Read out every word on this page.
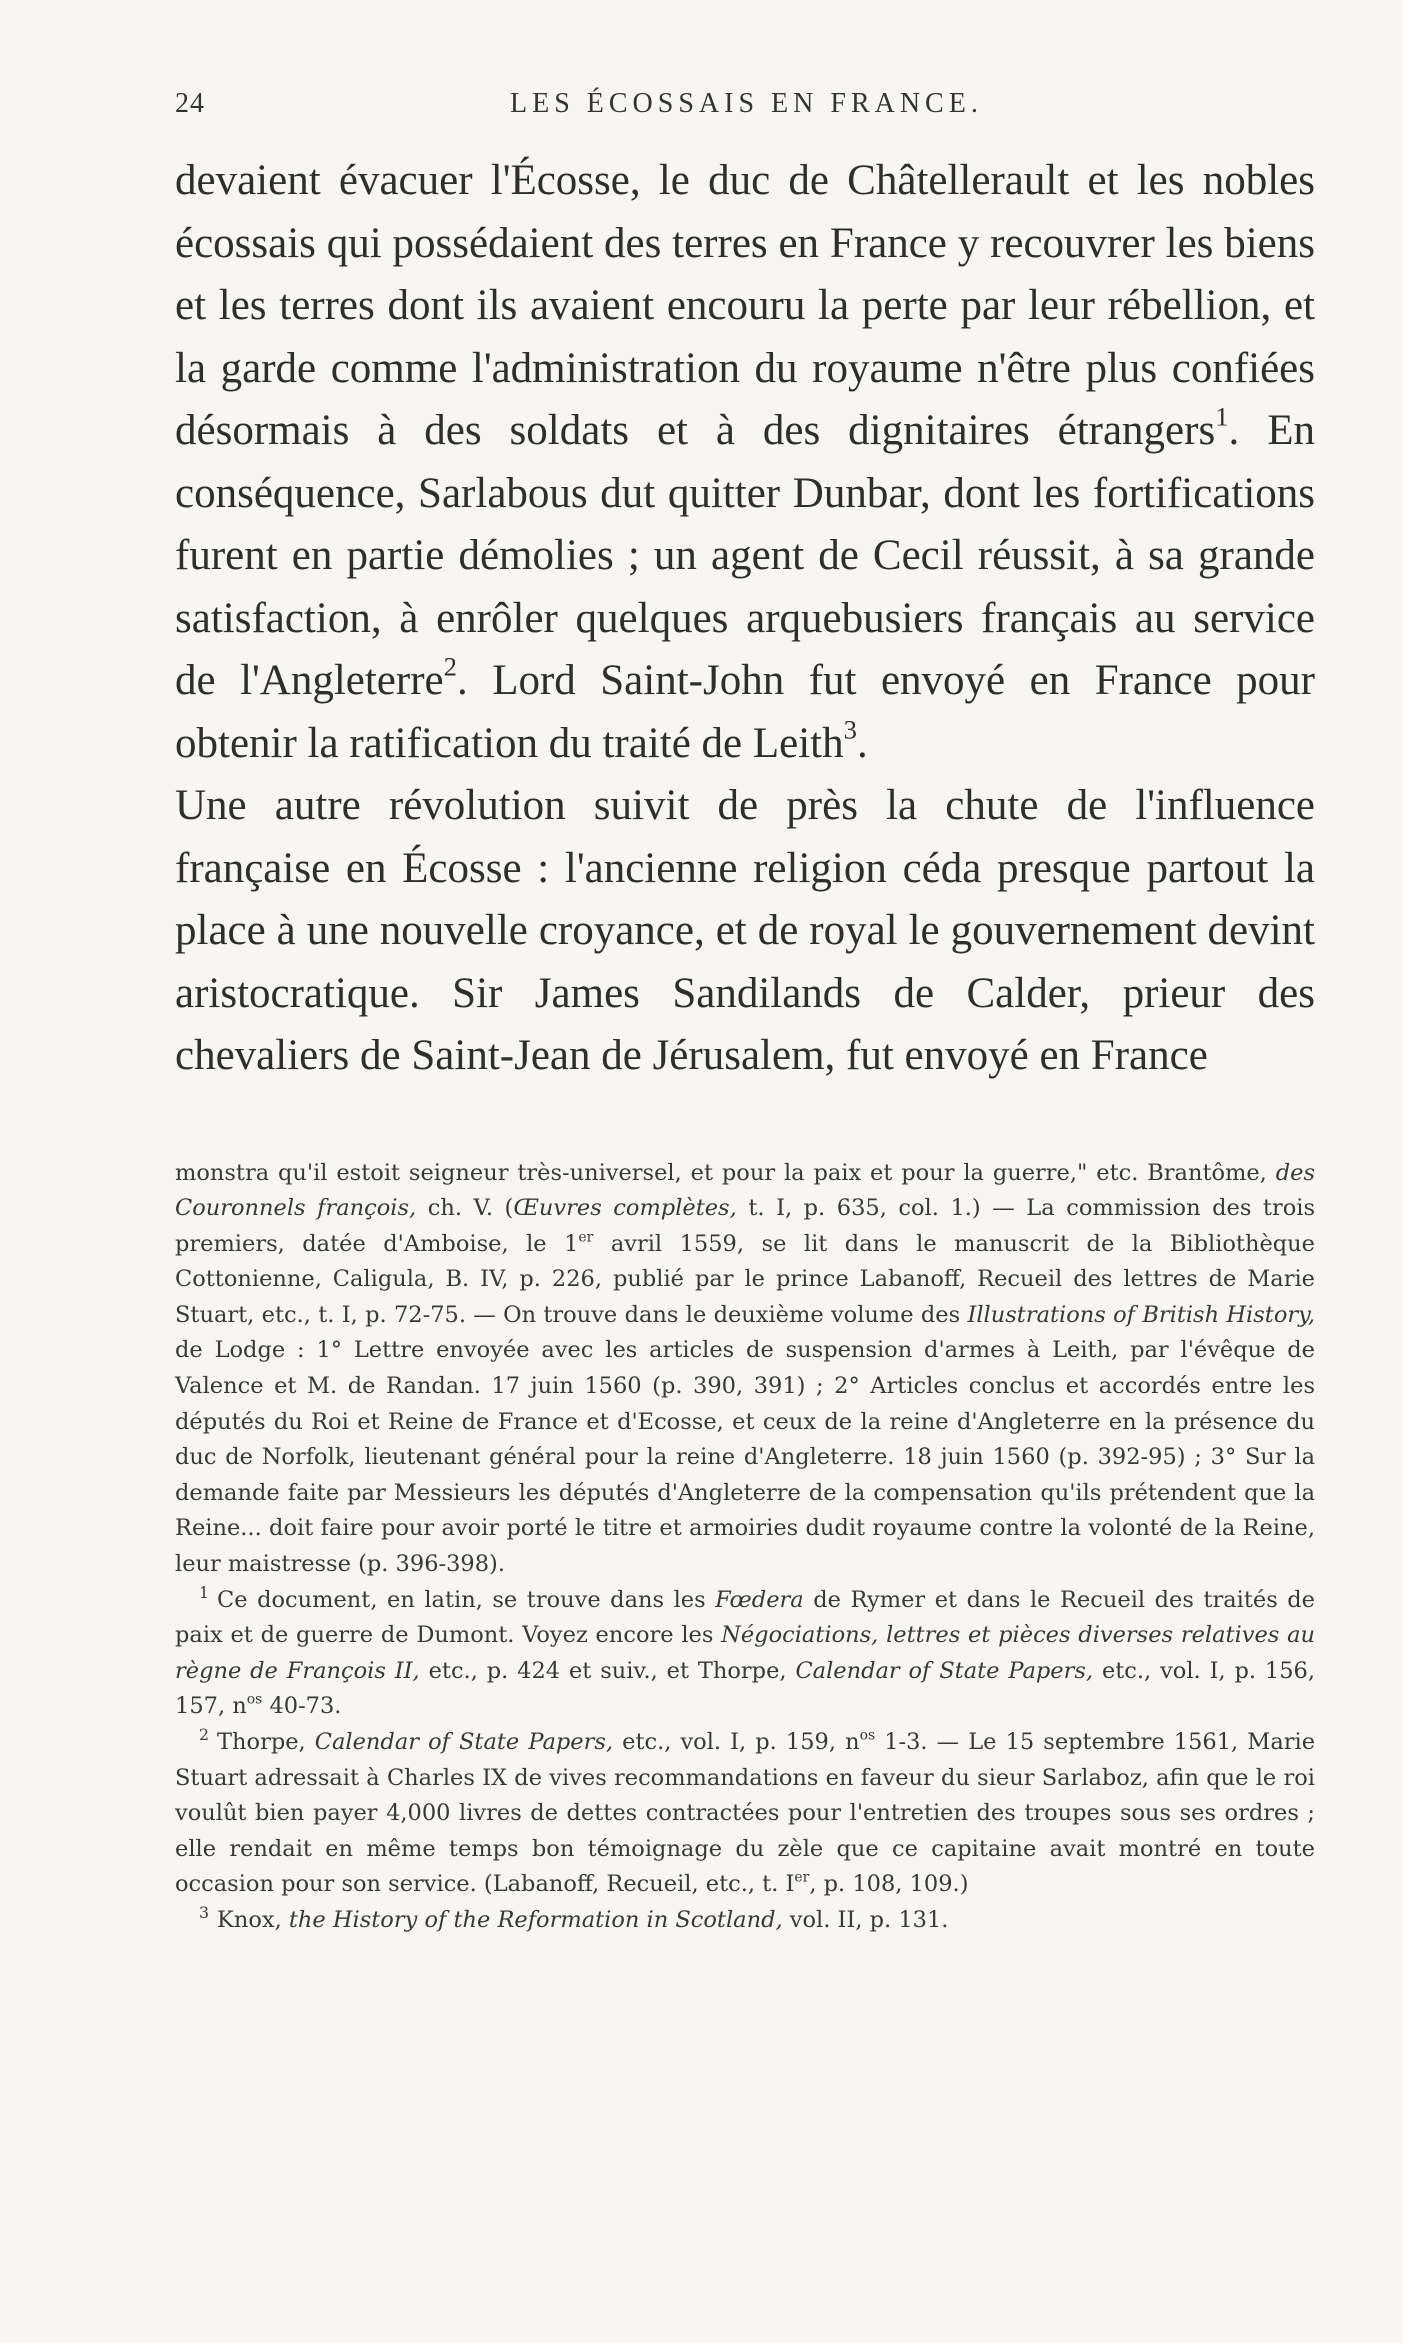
24	LES ÉCOSSAIS EN FRANCE.

devaient évacuer l'Écosse, le duc de Châtellerault et les nobles écossais qui possédaient des terres en France y recouvrer les biens et les terres dont ils avaient encouru la perte par leur rébellion, et la garde comme l'administration du royaume n'être plus confiées désormais à des soldats et à des dignitaires étrangers$^1$. En conséquence, Sarlabous dut quitter Dunbar, dont les fortifications furent en partie démolies ; un agent de Cecil réussit, à sa grande satisfaction, à enrôler quelques arquebusiers français au service de l'Angleterre$^2$. Lord Saint-John fut envoyé en France pour obtenir la ratification du traité de Leith$^3$.

Une autre révolution suivit de près la chute de l'influence française en Écosse : l'ancienne religion céda presque partout la place à une nouvelle croyance, et de royal le gouvernement devint aristocratique. Sir James Sandilands de Calder, prieur des chevaliers de Saint-Jean de Jérusalem, fut envoyé en France

monstra qu'il estoit seigneur très-universel, et pour la paix et pour la guerre," etc. Brantôme, des Couronnels françois, ch. V. (Œuvres complètes, t. I, p. 635, col. 1.) — La commission des trois premiers, datée d'Amboise, le 1er avril 1559, se lit dans le manuscrit de la Bibliothèque Cottonienne, Caligula, B. IV, p. 226, publié par le prince Labanoff, Recueil des lettres de Marie Stuart, etc., t. I, p. 72-75. — On trouve dans le deuxième volume des Illustrations of British History, de Lodge : 1° Lettre envoyée avec les articles de suspension d'armes à Leith, par l'évêque de Valence et M. de Randan. 17 juin 1560 (p. 390, 391) ; 2° Articles conclus et accordés entre les députés du Roi et Reine de France et d'Ecosse, et ceux de la reine d'Angleterre en la présence du duc de Norfolk, lieutenant général pour la reine d'Angleterre. 18 juin 1560 (p. 392-95) ; 3° Sur la demande faite par Messieurs les députés d'Angleterre de la compensation qu'ils prétendent que la Reine... doit faire pour avoir porté le titre et armoiries dudit royaume contre la volonté de la Reine, leur maistresse (p. 396-398).

$^1$ Ce document, en latin, se trouve dans les Fœdera de Rymer et dans le Recueil des traités de paix et de guerre de Dumont. Voyez encore les Négociations, lettres et pièces diverses relatives au règne de François II, etc., p. 424 et suiv., et Thorpe, Calendar of State Papers, etc., vol. I, p. 156, 157, $n^{os}$ 40-73.

$^2$ Thorpe, Calendar of State Papers, etc., vol. I, p. 159, $n^{os}$ 1-3. — Le 15 septembre 1561, Marie Stuart adressait à Charles IX de vives recommandations en faveur du sieur Sarlaboz, afin que le roi voulût bien payer 4,000 livres de dettes contractées pour l'entretien des troupes sous ses ordres ; elle rendait en même temps bon témoignage du zèle que ce capitaine avait montré en toute occasion pour son service. (Labanoff, Recueil, etc., t. Ier, p. 108, 109.)

$^3$ Knox, the History of the Reformation in Scotland, vol. II, p. 131.
